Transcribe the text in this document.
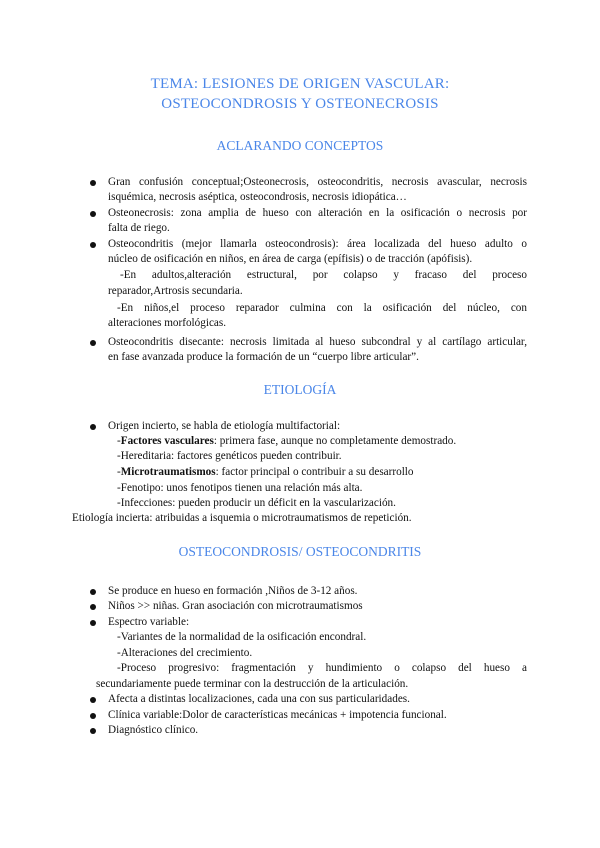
TEMA: LESIONES DE ORIGEN VASCULAR:
OSTEOCONDROSIS Y OSTEONECROSIS
ACLARANDO CONCEPTOS
Gran confusión conceptual;Osteonecrosis, osteocondritis, necrosis avascular, necrosis
isquémica, necrosis aséptica, osteocondrosis, necrosis idiopática…
Osteonecrosis: zona amplia de hueso con alteración en la osificación o necrosis por
falta de riego.
Osteocondritis (mejor llamarla osteocondrosis): área localizada del hueso adulto o
núcleo de osificación en niños, en área de carga (epífisis) o de tracción (apófisis).
-En adultos,alteración estructural, por colapso y fracaso del proceso
reparador,Artrosis secundaria.
-En niños,el proceso reparador culmina con la osificación del núcleo, con
alteraciones morfológicas.
Osteocondritis disecante: necrosis limitada al hueso subcondral y al cartílago articular,
en fase avanzada produce la formación de un “cuerpo libre articular”.
ETIOLOGÍA
Origen incierto, se habla de etiología multifactorial:
-Factores vasculares: primera fase, aunque no completamente demostrado.
-Hereditaria: factores genéticos pueden contribuir.
-Microtraumatismos: factor principal o contribuir a su desarrollo
-Fenotipo: unos fenotipos tienen una relación más alta.
-Infecciones: pueden producir un déficit en la vascularización.
Etiología incierta: atribuidas a isquemia o microtraumatismos de repetición.
OSTEOCONDROSIS/ OSTEOCONDRITIS
Se produce en hueso en formación ,Niños de 3-12 años.
Niños >> niñas. Gran asociación con microtraumatismos
Espectro variable:
-Variantes de la normalidad de la osificación encondral.
-Alteraciones del crecimiento.
-Proceso progresivo: fragmentación y hundimiento o colapso del hueso a
secundariamente puede terminar con la destrucción de la articulación.
Afecta a distintas localizaciones, cada una con sus particularidades.
Clínica variable:Dolor de características mecánicas + impotencia funcional.
Diagnóstico clínico.
